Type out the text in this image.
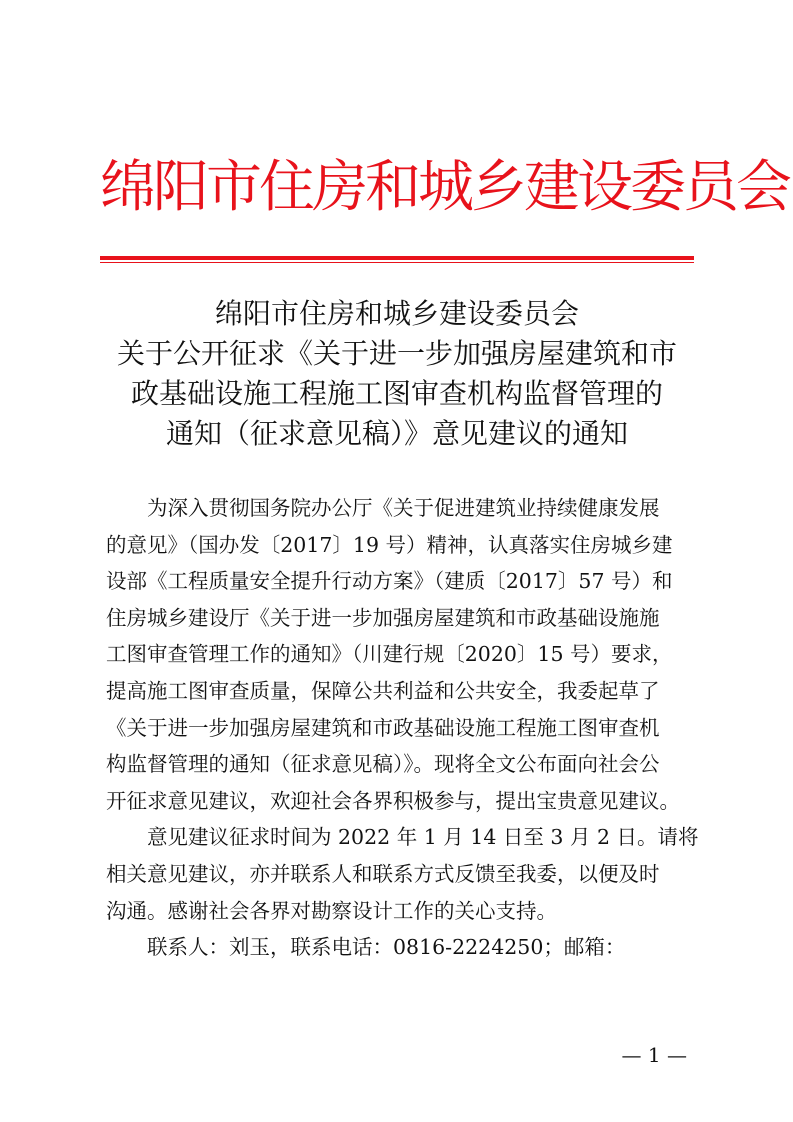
绵阳市住房和城乡建设委员会
绵阳市住房和城乡建设委员会
关于公开征求《关于进一步加强房屋建筑和市
政基础设施工程施工图审查机构监督管理的
通知（征求意见稿）》意见建议的通知
为深入贯彻国务院办公厅《关于促进建筑业持续健康发展
的意见》（国办发〔2017〕19 号）精神，认真落实住房城乡建
设部《工程质量安全提升行动方案》（建质〔2017〕57 号）和
住房城乡建设厅《关于进一步加强房屋建筑和市政基础设施施
工图审查管理工作的通知》（川建行规〔2020〕15 号）要求，
提高施工图审查质量，保障公共利益和公共安全，我委起草了
《关于进一步加强房屋建筑和市政基础设施工程施工图审查机
构监督管理的通知（征求意见稿）》。现将全文公布面向社会公
开征求意见建议，欢迎社会各界积极参与，提出宝贵意见建议。
意见建议征求时间为 2022 年 1 月 14 日至 3 月 2 日。请将
相关意见建议，亦并联系人和联系方式反馈至我委，以便及时
沟通。感谢社会各界对勘察设计工作的关心支持。
联系人：刘玉，联系电话：0816-2224250；邮箱：
— 1 —
